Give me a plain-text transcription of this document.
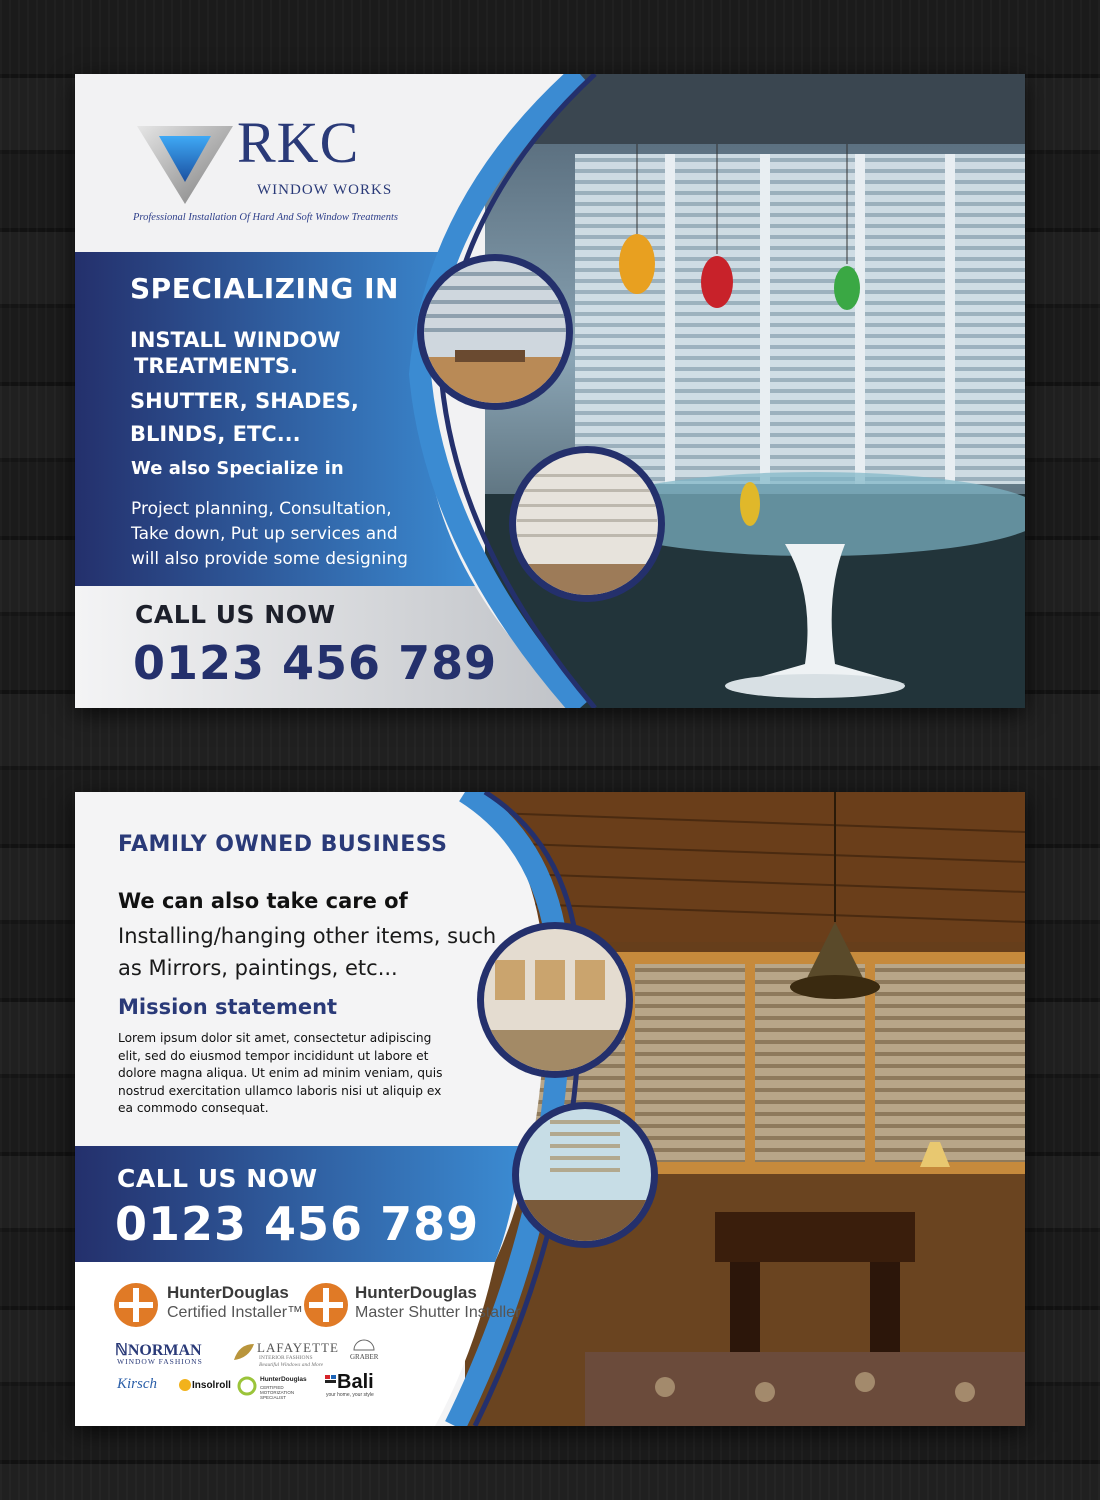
RKC
WINDOW WORKS
Professional Installation Of Hard And Soft Window Treatments
SPECIALIZING IN
INSTALL WINDOW
TREATMENTS.
SHUTTER, SHADES,
BLINDS, ETC...
We also Specialize in
Project planning, Consultation, Take down, Put up services and will also provide some designing
CALL US NOW
0123 456 789
FAMILY OWNED BUSINESS
We can also take care of
Installing/hanging other items, such as Mirrors, paintings, etc...
Mission statement
Lorem ipsum dolor sit amet, consectetur adipiscing elit, sed do eiusmod tempor incididunt ut labore et dolore magna aliqua. Ut enim ad minim veniam, quis nostrud exercitation ullamco laboris nisi ut aliquip ex ea commodo consequat.
CALL US NOW
0123 456 789
HunterDouglas
Certified Installer™
HunterDouglas
Master Shutter Installer
ℕNORMAN
WINDOW FASHIONS
LAFAYETTE
INTERIOR FASHIONS
Beautiful Windows and More
GRABER
Kirsch	Insolroll
HunterDouglas
CERTIFIED MOTORIZATION SPECIALIST
Bali
your home, your style
